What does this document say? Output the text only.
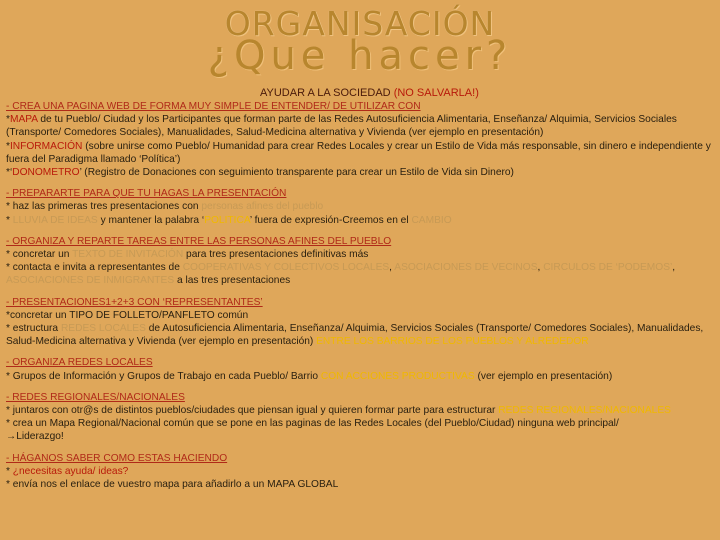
ORGANISACIÓN
¿Que hacer?
AYUDAR A LA SOCIEDAD (NO SALVARLA!)

- CREA UNA PAGINA WEB DE FORMA MUY SIMPLE DE ENTENDER/ DE UTILIZAR CON

*MAPA de tu Pueblo/ Ciudad y los Participantes que forman parte de las Redes Autosuficiencia Alimentaria, Enseñanza/ Alquimia, Servicios Sociales (Transporte/ Comedores Sociales), Manualidades, Salud-Medicina alternativa y Vivienda (ver ejemplo en presentación)

*INFORMACIÓN (sobre unirse como Pueblo/ Humanidad para crear Redes Locales y crear un Estilo de Vida más responsable, sin dinero e independiente y fuera del Paradigma llamado ‘Política’)

*‘DONOMETRO’ (Registro de Donaciones con seguimiento transparente para crear un Estilo de Vida sin Dinero)

- PREPARARTE PARA QUE TU HAGAS LA PRESENTACIÓN

* haz las primeras tres presentaciones con personas afines del pueblo

* LLUVIA DE IDEAS y mantener la palabra ‘POLITICA’ fuera de expresión-Creemos en el CAMBIO

- ORGANIZA Y REPARTE TAREAS ENTRE LAS PERSONAS AFINES DEL PUEBLO

* concretar un TEXTO DE INVITACIÓN para tres presentaciones definitivas más

* contacta e invita a representantes de COOPERATIVAS Y COLECTIVOS LOCALES, ASOCIACIONES DE VECINOS, CIRCULOS DE ‘PODEMOS’, ASOCIACIONES DE INMIGRANTES a las tres presentaciones

- PRESENTACIONES1+2+3 CON ‘REPRESENTANTES’

*concretar un TIPO DE FOLLETO/PANFLETO común

* estructura REDES LOCALES de Autosuficiencia Alimentaria, Enseñanza/ Alquimia, Servicios Sociales (Transporte/ Comedores Sociales), Manualidades, Salud-Medicina alternativa y Vivienda (ver ejemplo en presentación) ENTRE LOS BARRIOS DE LOS PUEBLOS Y ALREDEDOR

- ORGANIZA REDES LOCALES

* Grupos de Información y Grupos de Trabajo en cada Pueblo/ Barrio CON ACCIONES PRODUCTIVAS (ver ejemplo en presentación)

- REDES REGIONALES/NACIONALES

* juntaros con otr@s de distintos pueblos/ciudades que piensan igual y quieren formar parte para estructurar REDES REGIONALES/NACIONALES

* crea un Mapa Regional/Nacional común que se pone en las paginas de las Redes Locales (del Pueblo/Ciudad) ninguna web principal/

→Liderazgo!

- HÁGANOS SABER COMO ESTAS HACIENDO

* ¿necesitas ayuda/ ideas?

* envía nos el enlace de vuestro mapa para añadirlo a un MAPA GLOBAL
